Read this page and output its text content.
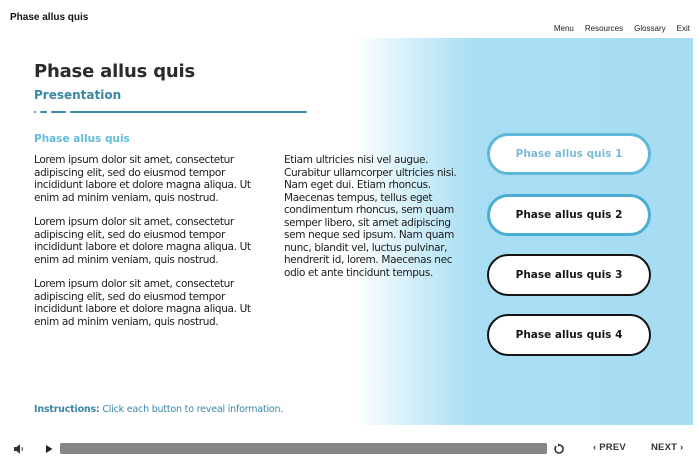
Phase allus quis
Menu Resources Glossary Exit
Phase allus quis
Presentation
Phase allus quis

Lorem ipsum dolor sit amet, consectetur adipiscing elit, sed do eiusmod tempor incididunt labore et dolore magna aliqua. Ut enim ad minim veniam, quis nostrud.

Lorem ipsum dolor sit amet, consectetur adipiscing elit, sed do eiusmod tempor incididunt labore et dolore magna aliqua. Ut enim ad minim veniam, quis nostrud.

Lorem ipsum dolor sit amet, consectetur adipiscing elit, sed do eiusmod tempor incididunt labore et dolore magna aliqua. Ut enim ad minim veniam, quis nostrud.

Etiam ultricies nisi vel augue. Curabitur ullamcorper ultricies nisi. Nam eget dui. Etiam rhoncus. Maecenas tempus, tellus eget condimentum rhoncus, sem quam semper libero, sit amet adipiscing sem neque sed ipsum. Nam quam nunc, blandit vel, luctus pulvinar, hendrerit id, lorem. Maecenas nec odio et ante tincidunt tempus.

Phase allus quis 1
Phase allus quis 2
Phase allus quis 3
Phase allus quis 4
Instructions: Click each button to reveal information.
‹ PREV	NEXT ›
